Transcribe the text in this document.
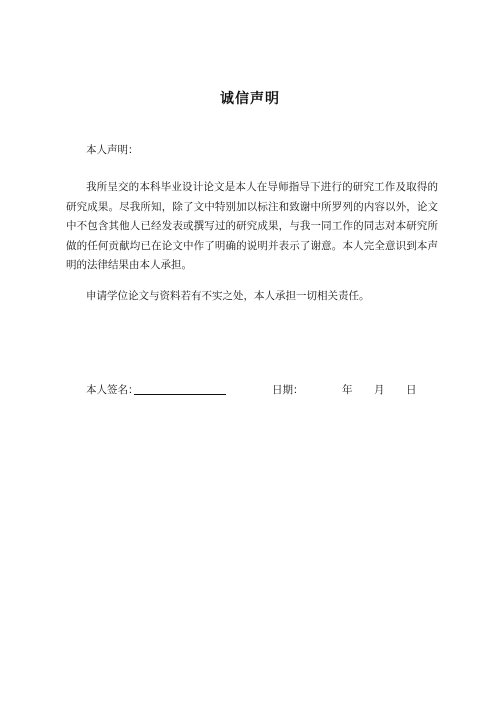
诚信声明
本人声明：

我所呈交的本科毕业设计论文是本人在导师指导下进行的研究工作及取得的研究成果。尽我所知，除了文中特别加以标注和致谢中所罗列的内容以外，论文中不包含其他人已经发表或撰写过的研究成果，与我一同工作的同志对本研究所做的任何贡献均已在论文中作了明确的说明并表示了谢意。本人完全意识到本声明的法律结果由本人承担。

申请学位论文与资料若有不实之处，本人承担一切相关责任。

本人签名：	日期：	年 月 日
